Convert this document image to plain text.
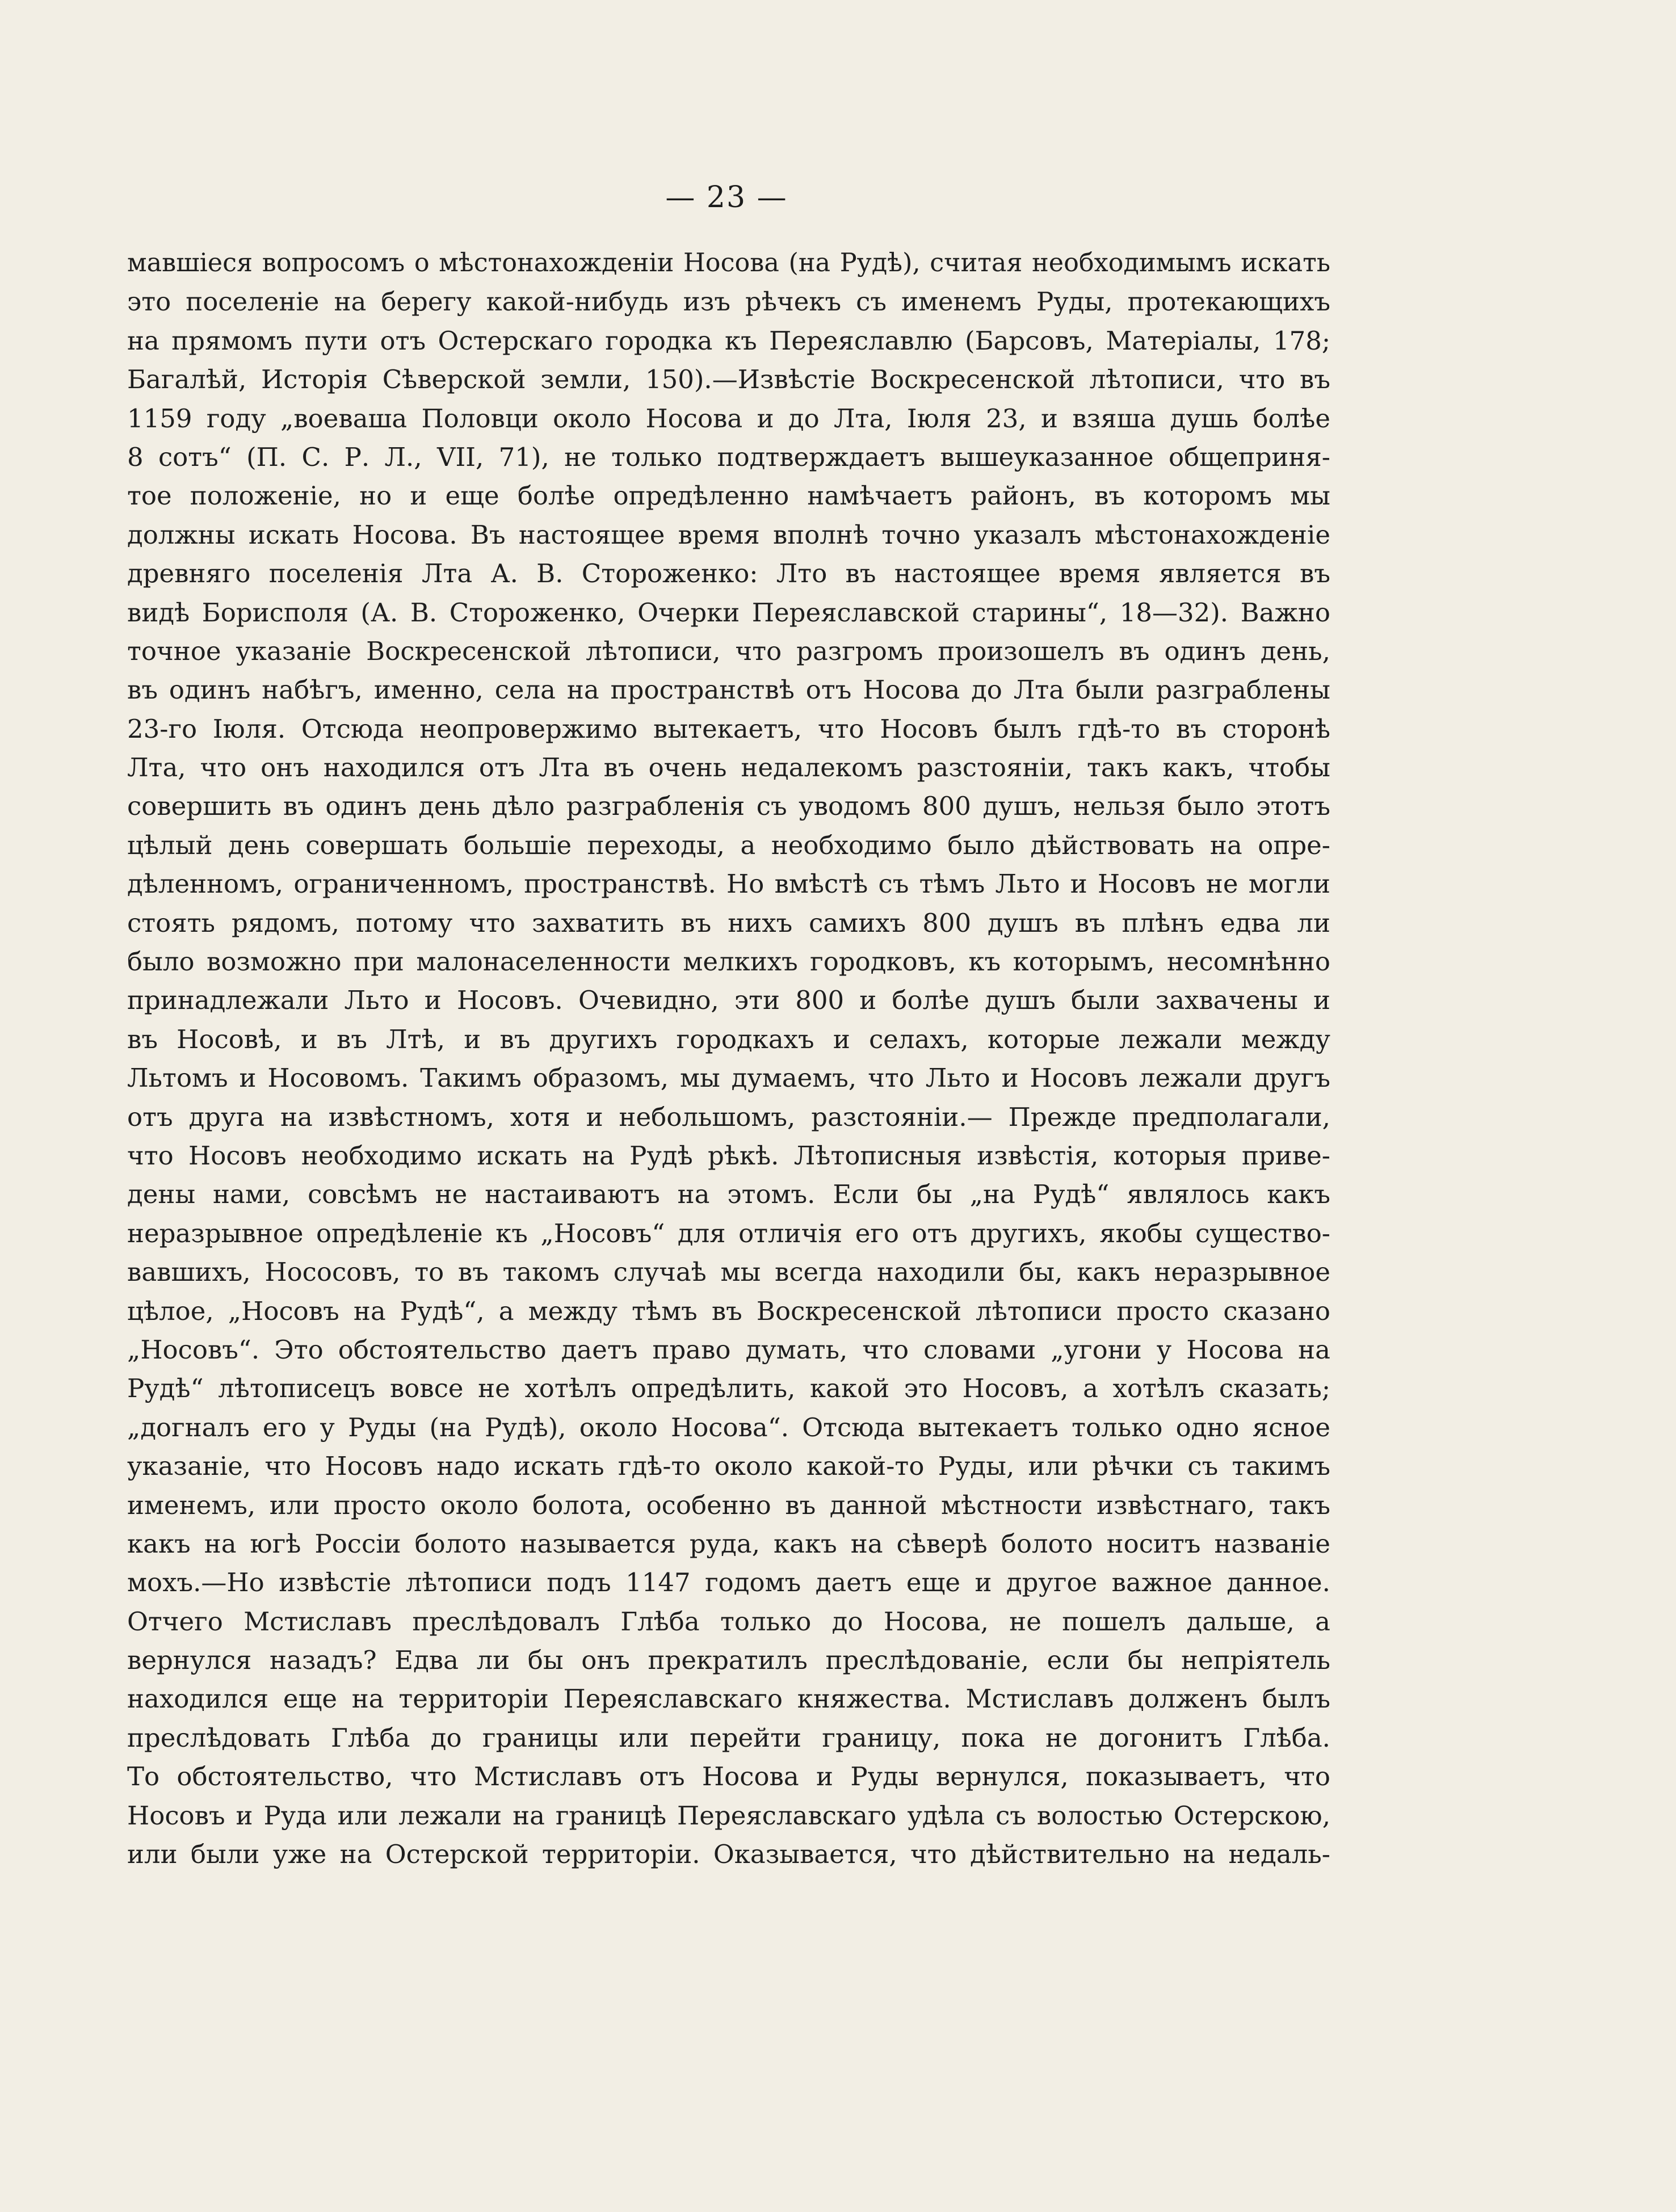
— 23 —
мавшіеся вопросомъ о мѣстонахожденіи Носова (на Рудѣ), считая необходимымъ искать
это поселеніе на берегу какой-нибудь изъ рѣчекъ съ именемъ Руды, протекающихъ
на прямомъ пути отъ Остерскаго городка къ Переяславлю (Барсовъ, Матеріалы, 178;
Багалѣй, Исторія Сѣверской земли, 150).—Извѣстіе Воскресенской лѣтописи, что въ
1159 году „воеваша Половци около Носова и до Лта, Іюля 23, и взяша душь болѣе
8 сотъ“ (П. С. Р. Л., VII, 71), не только подтверждаетъ вышеуказанное общеприня-
тое положеніе, но и еще болѣе опредѣленно намѣчаетъ районъ, въ которомъ мы
должны искать Носова. Въ настоящее время вполнѣ точно указалъ мѣстонахожденіе
древняго поселенія Лта А. В. Стороженко: Лто въ настоящее время является въ
видѣ Борисполя (А. В. Стороженко, Очерки Переяславской старины“, 18—32). Важно
точное указаніе Воскресенской лѣтописи, что разгромъ произошелъ въ одинъ день,
въ одинъ набѣгъ, именно, села на пространствѣ отъ Носова до Лта были разграблены
23-го Іюля. Отсюда неопровержимо вытекаетъ, что Носовъ былъ гдѣ-то въ сторонѣ
Лта, что онъ находился отъ Лта въ очень недалекомъ разстояніи, такъ какъ, чтобы
совершить въ одинъ день дѣло разграбленія съ уводомъ 800 душъ, нельзя было этотъ
цѣлый день совершать большіе переходы, а необходимо было дѣйствовать на опре-
дѣленномъ, ограниченномъ, пространствѣ. Но вмѣстѣ съ тѣмъ Льто и Носовъ не могли
стоять рядомъ, потому что захватить въ нихъ самихъ 800 душъ въ плѣнъ едва ли
было возможно при малонаселенности мелкихъ городковъ, къ которымъ, несомнѣнно
принадлежали Льто и Носовъ. Очевидно, эти 800 и болѣе душъ были захвачены и
въ Носовѣ, и въ Лтѣ, и въ другихъ городкахъ и селахъ, которые лежали между
Льтомъ и Носовомъ. Такимъ образомъ, мы думаемъ, что Льто и Носовъ лежали другъ
отъ друга на извѣстномъ, хотя и небольшомъ, разстояніи.— Прежде предполагали,
что Носовъ необходимо искать на Рудѣ рѣкѣ. Лѣтописныя извѣстія, которыя приве-
дены нами, совсѣмъ не настаиваютъ на этомъ. Если бы „на Рудѣ“ являлось какъ
неразрывное опредѣленіе къ „Носовъ“ для отличія его отъ другихъ, якобы существо-
вавшихъ, Нососовъ, то въ такомъ случаѣ мы всегда находили бы, какъ неразрывное
цѣлое, „Носовъ на Рудѣ“, а между тѣмъ въ Воскресенской лѣтописи просто сказано
„Носовъ“. Это обстоятельство даетъ право думать, что словами „угони у Носова на
Рудѣ“ лѣтописецъ вовсе не хотѣлъ опредѣлить, какой это Носовъ, а хотѣлъ сказать;
„догналъ его у Руды (на Рудѣ), около Носова“. Отсюда вытекаетъ только одно ясное
указаніе, что Носовъ надо искать гдѣ-то около какой-то Руды, или рѣчки съ такимъ
именемъ, или просто около болота, особенно въ данной мѣстности извѣстнаго, такъ
какъ на югѣ Россіи болото называется руда, какъ на сѣверѣ болото носитъ названіе
мохъ.—Но извѣстіе лѣтописи подъ 1147 годомъ даетъ еще и другое важное данное.
Отчего Мстиславъ преслѣдовалъ Глѣба только до Носова, не пошелъ дальше, а
вернулся назадъ? Едва ли бы онъ прекратилъ преслѣдованіе, если бы непріятель
находился еще на территоріи Переяславскаго княжества. Мстиславъ долженъ былъ
преслѣдовать Глѣба до границы или перейти границу, пока не догонитъ Глѣба.
То обстоятельство, что Мстиславъ отъ Носова и Руды вернулся, показываетъ, что
Носовъ и Руда или лежали на границѣ Переяславскаго удѣла съ волостью Остерскою,
или были уже на Остерской территоріи. Оказывается, что дѣйствительно на недаль-
